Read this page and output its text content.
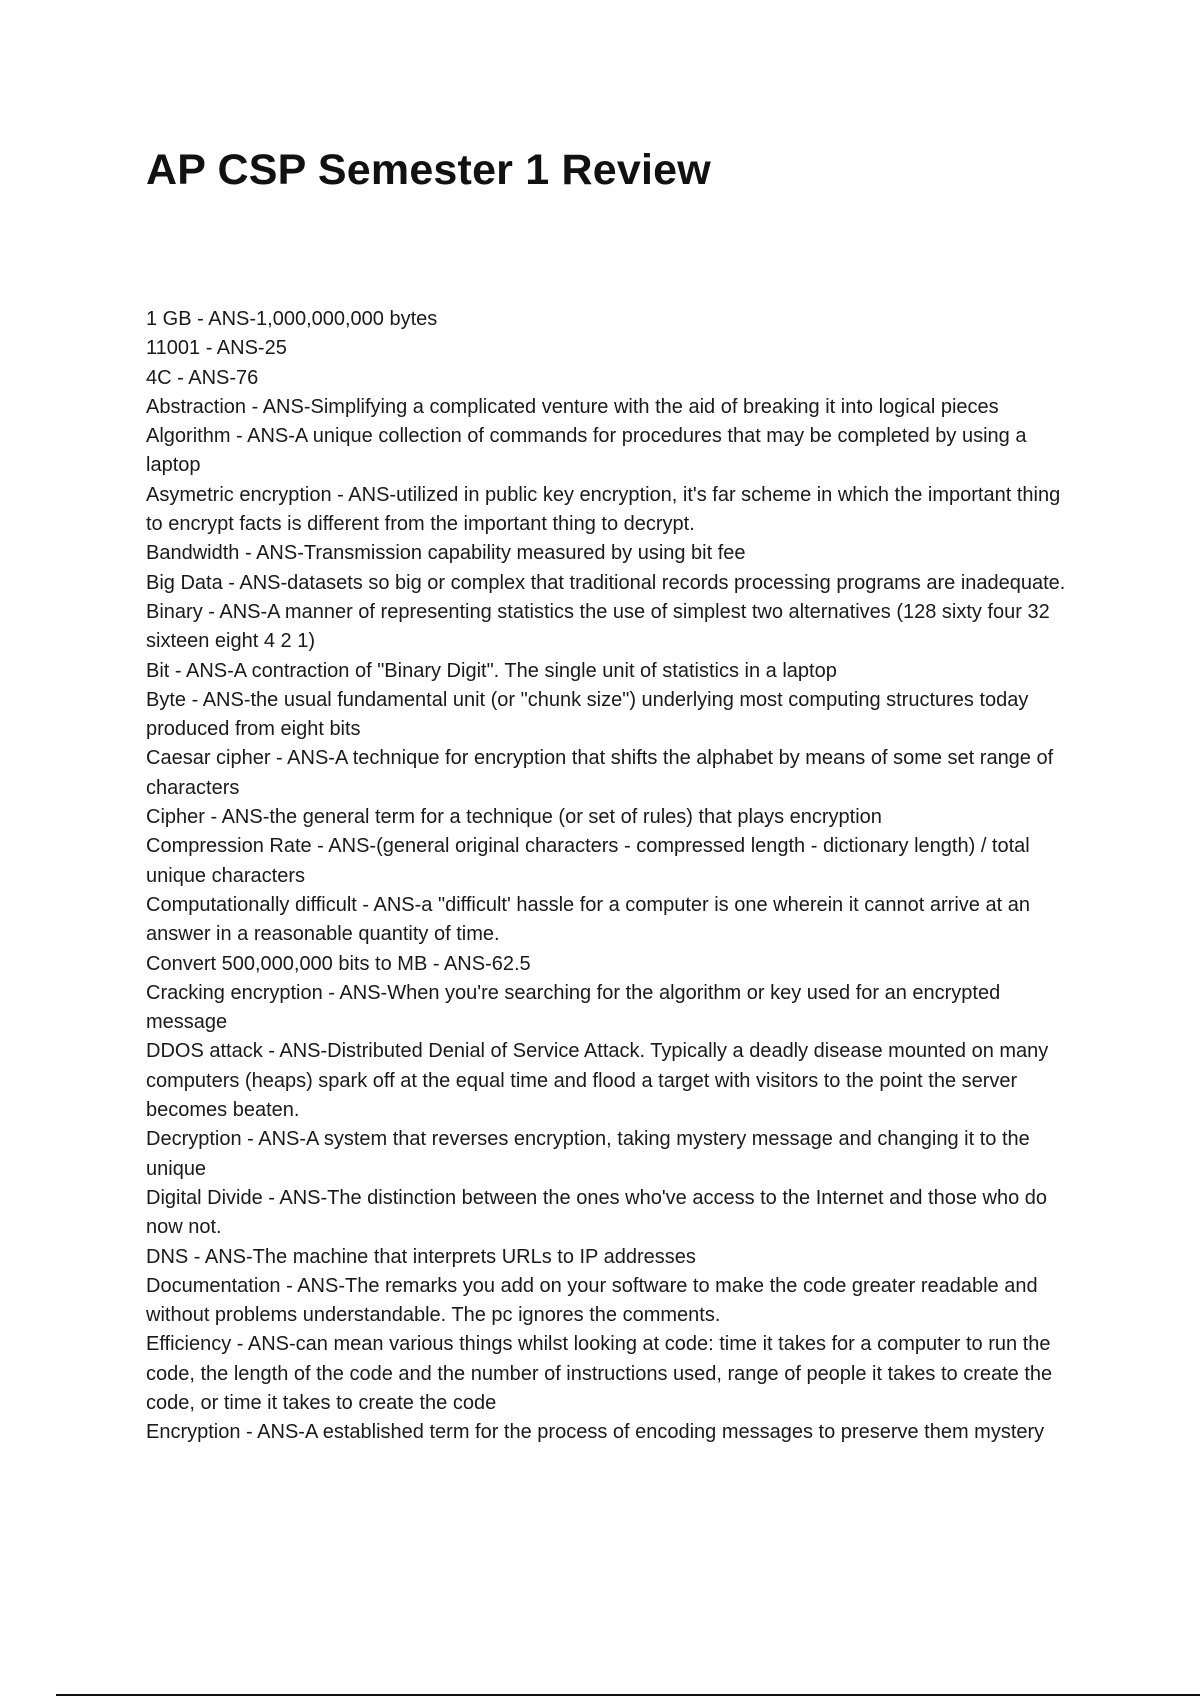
AP CSP Semester 1 Review
1 GB - ANS-1,000,000,000 bytes
11001 - ANS-25
4C - ANS-76
Abstraction - ANS-Simplifying a complicated venture with the aid of breaking it into logical pieces
Algorithm - ANS-A unique collection of commands for procedures that may be completed by using a laptop
Asymetric encryption - ANS-utilized in public key encryption, it's far scheme in which the important thing to encrypt facts is different from the important thing to decrypt.
Bandwidth - ANS-Transmission capability measured by using bit fee
Big Data - ANS-datasets so big or complex that traditional records processing programs are inadequate.
Binary - ANS-A manner of representing statistics the use of simplest two alternatives (128 sixty four 32 sixteen eight 4 2 1)
Bit - ANS-A contraction of "Binary Digit". The single unit of statistics in a laptop
Byte - ANS-the usual fundamental unit (or "chunk size") underlying most computing structures today produced from eight bits
Caesar cipher - ANS-A technique for encryption that shifts the alphabet by means of some set range of characters
Cipher - ANS-the general term for a technique (or set of rules) that plays encryption
Compression Rate - ANS-(general original characters - compressed length - dictionary length) / total unique characters
Computationally difficult - ANS-a "difficult' hassle for a computer is one wherein it cannot arrive at an answer in a reasonable quantity of time.
Convert 500,000,000 bits to MB - ANS-62.5
Cracking encryption - ANS-When you're searching for the algorithm or key used for an encrypted message
DDOS attack - ANS-Distributed Denial of Service Attack. Typically a deadly disease mounted on many computers (heaps) spark off at the equal time and flood a target with visitors to the point the server becomes beaten.
Decryption - ANS-A system that reverses encryption, taking mystery message and changing it to the unique
Digital Divide - ANS-The distinction between the ones who've access to the Internet and those who do now not.
DNS - ANS-The machine that interprets URLs to IP addresses
Documentation - ANS-The remarks you add on your software to make the code greater readable and without problems understandable. The pc ignores the comments.
Efficiency - ANS-can mean various things whilst looking at code: time it takes for a computer to run the code, the length of the code and the number of instructions used, range of people it takes to create the code, or time it takes to create the code
Encryption - ANS-A established term for the process of encoding messages to preserve them mystery
